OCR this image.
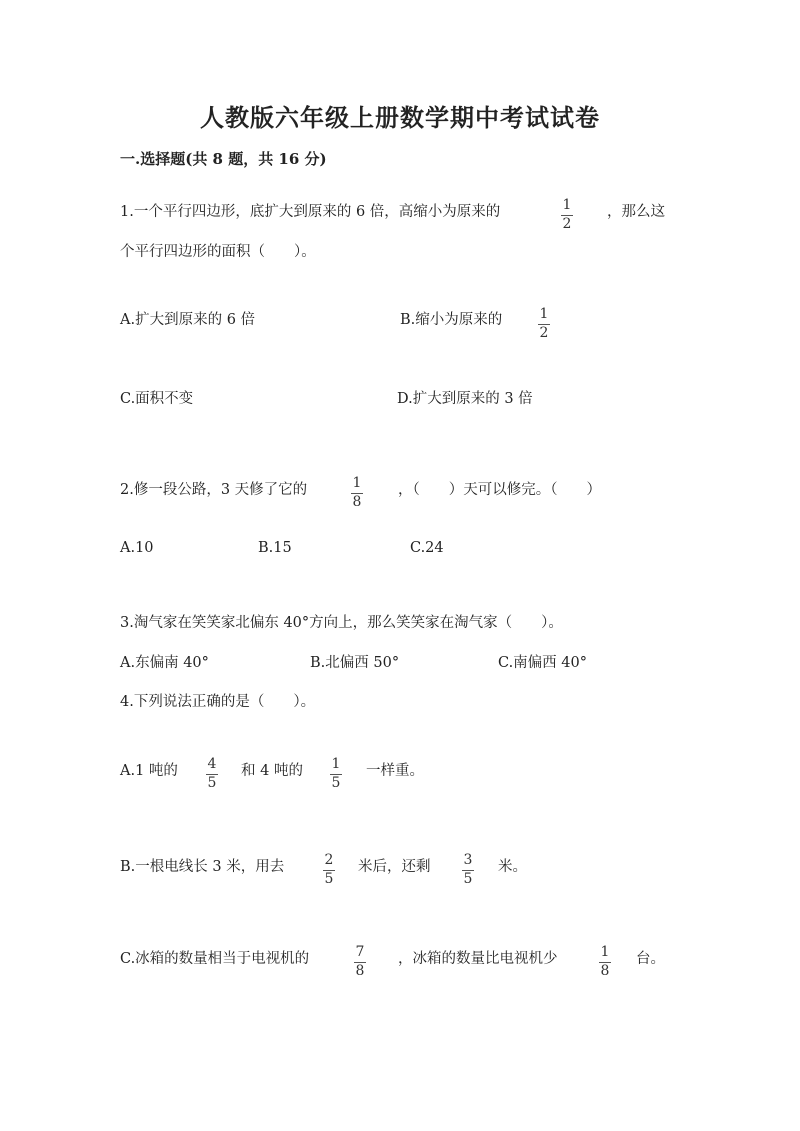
人教版六年级上册数学期中考试试卷
一.选择题(共 8 题，共 16 分)
1.一个平行四边形，底扩大到原来的 6 倍，高缩小为原来的	1
2
，那么这
个平行四边形的面积（　　）。
A.扩大到原来的 6 倍	B.缩小为原来的	1
2
C.面积不变	D.扩大到原来的 3 倍
2.修一段公路，3 天修了它的	1
8
，（　　）天可以修完。（　　）
A.10	B.15	C.24
3.淘气家在笑笑家北偏东 40°方向上，那么笑笑家在淘气家（　　）。
A.东偏南 40°	B.北偏西 50°	C.南偏西 40°
4.下列说法正确的是（　　）。
A.1 吨的 4
5
和 4 吨的 1
5
一样重。
B.一根电线长 3 米，用去	2
5
米后，还剩 3
5
米。
C.冰箱的数量相当于电视机的	7
8
，冰箱的数量比电视机少	1
8
台。
